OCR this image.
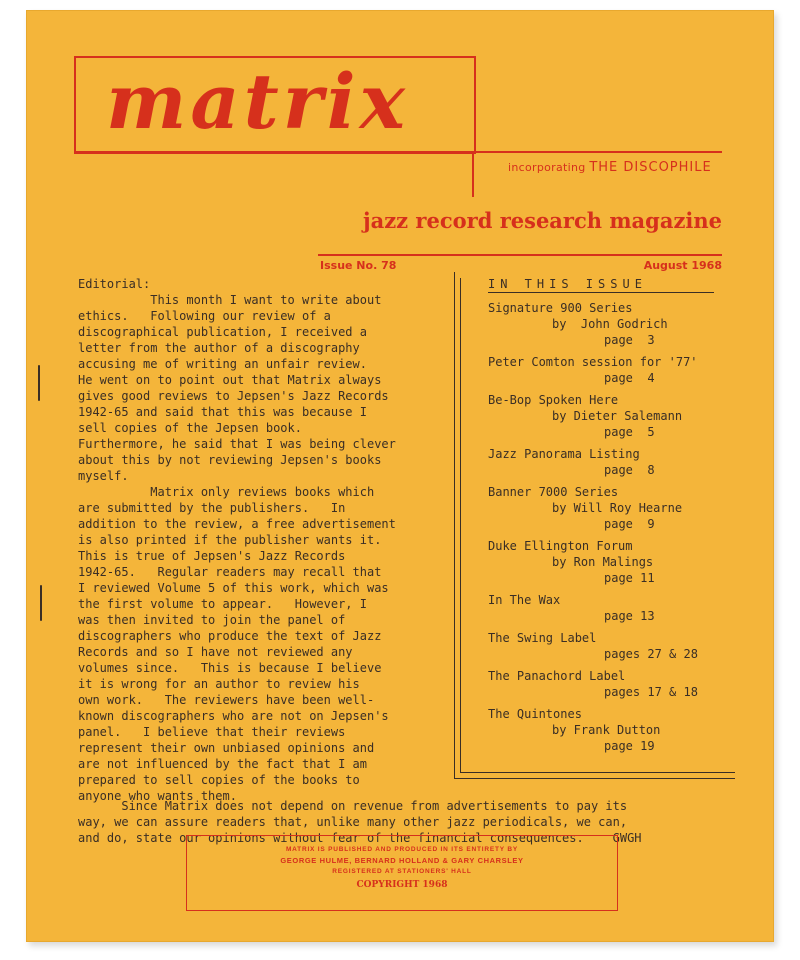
matrix
incorporating THE DISCOPHILE
jazz record research magazine
Issue No. 78	August 1968
Editorial:
This month I want to write about
ethics.   Following our review of a
discographical publication, I received a
letter from the author of a discography
accusing me of writing an unfair review.
He went on to point out that Matrix always
gives good reviews to Jepsen's Jazz Records
1942-65 and said that this was because I
sell copies of the Jepsen book.
Furthermore, he said that I was being clever
about this by not reviewing Jepsen's books
myself.
Matrix only reviews books which
are submitted by the publishers.   In
addition to the review, a free advertisement
is also printed if the publisher wants it.
This is true of Jepsen's Jazz Records
1942-65.   Regular readers may recall that
I reviewed Volume 5 of this work, which was
the first volume to appear.   However, I
was then invited to join the panel of
discographers who produce the text of Jazz
Records and so I have not reviewed any
volumes since.   This is because I believe
it is wrong for an author to review his
own work.   The reviewers have been well-
known discographers who are not on Jepsen's
panel.   I believe that their reviews
represent their own unbiased opinions and
are not influenced by the fact that I am
prepared to sell copies of the books to
anyone who wants them.
IN THIS ISSUE
Signature 900 Series
by  John Godrich
page  3
Peter Comton session for '77'
page  4
Be-Bop Spoken Here
by Dieter Salemann
page  5
Jazz Panorama Listing
page  8
Banner 7000 Series
by Will Roy Hearne
page  9
Duke Ellington Forum
by Ron Malings
page 11
In The Wax
page 13
The Swing Label
pages 27 & 28
The Panachord Label
pages 17 & 18
The Quintones
by Frank Dutton
page 19
Since Matrix does not depend on revenue from advertisements to pay its
way, we can assure readers that, unlike many other jazz periodicals, we can,
and do, state our opinions without fear of the financial consequences.    GWGH
MATRIX IS PUBLISHED AND PRODUCED IN ITS ENTIRETY BY
GEORGE HULME, BERNARD HOLLAND & GARY CHARSLEY
REGISTERED AT STATIONERS' HALL
COPYRIGHT 1968
